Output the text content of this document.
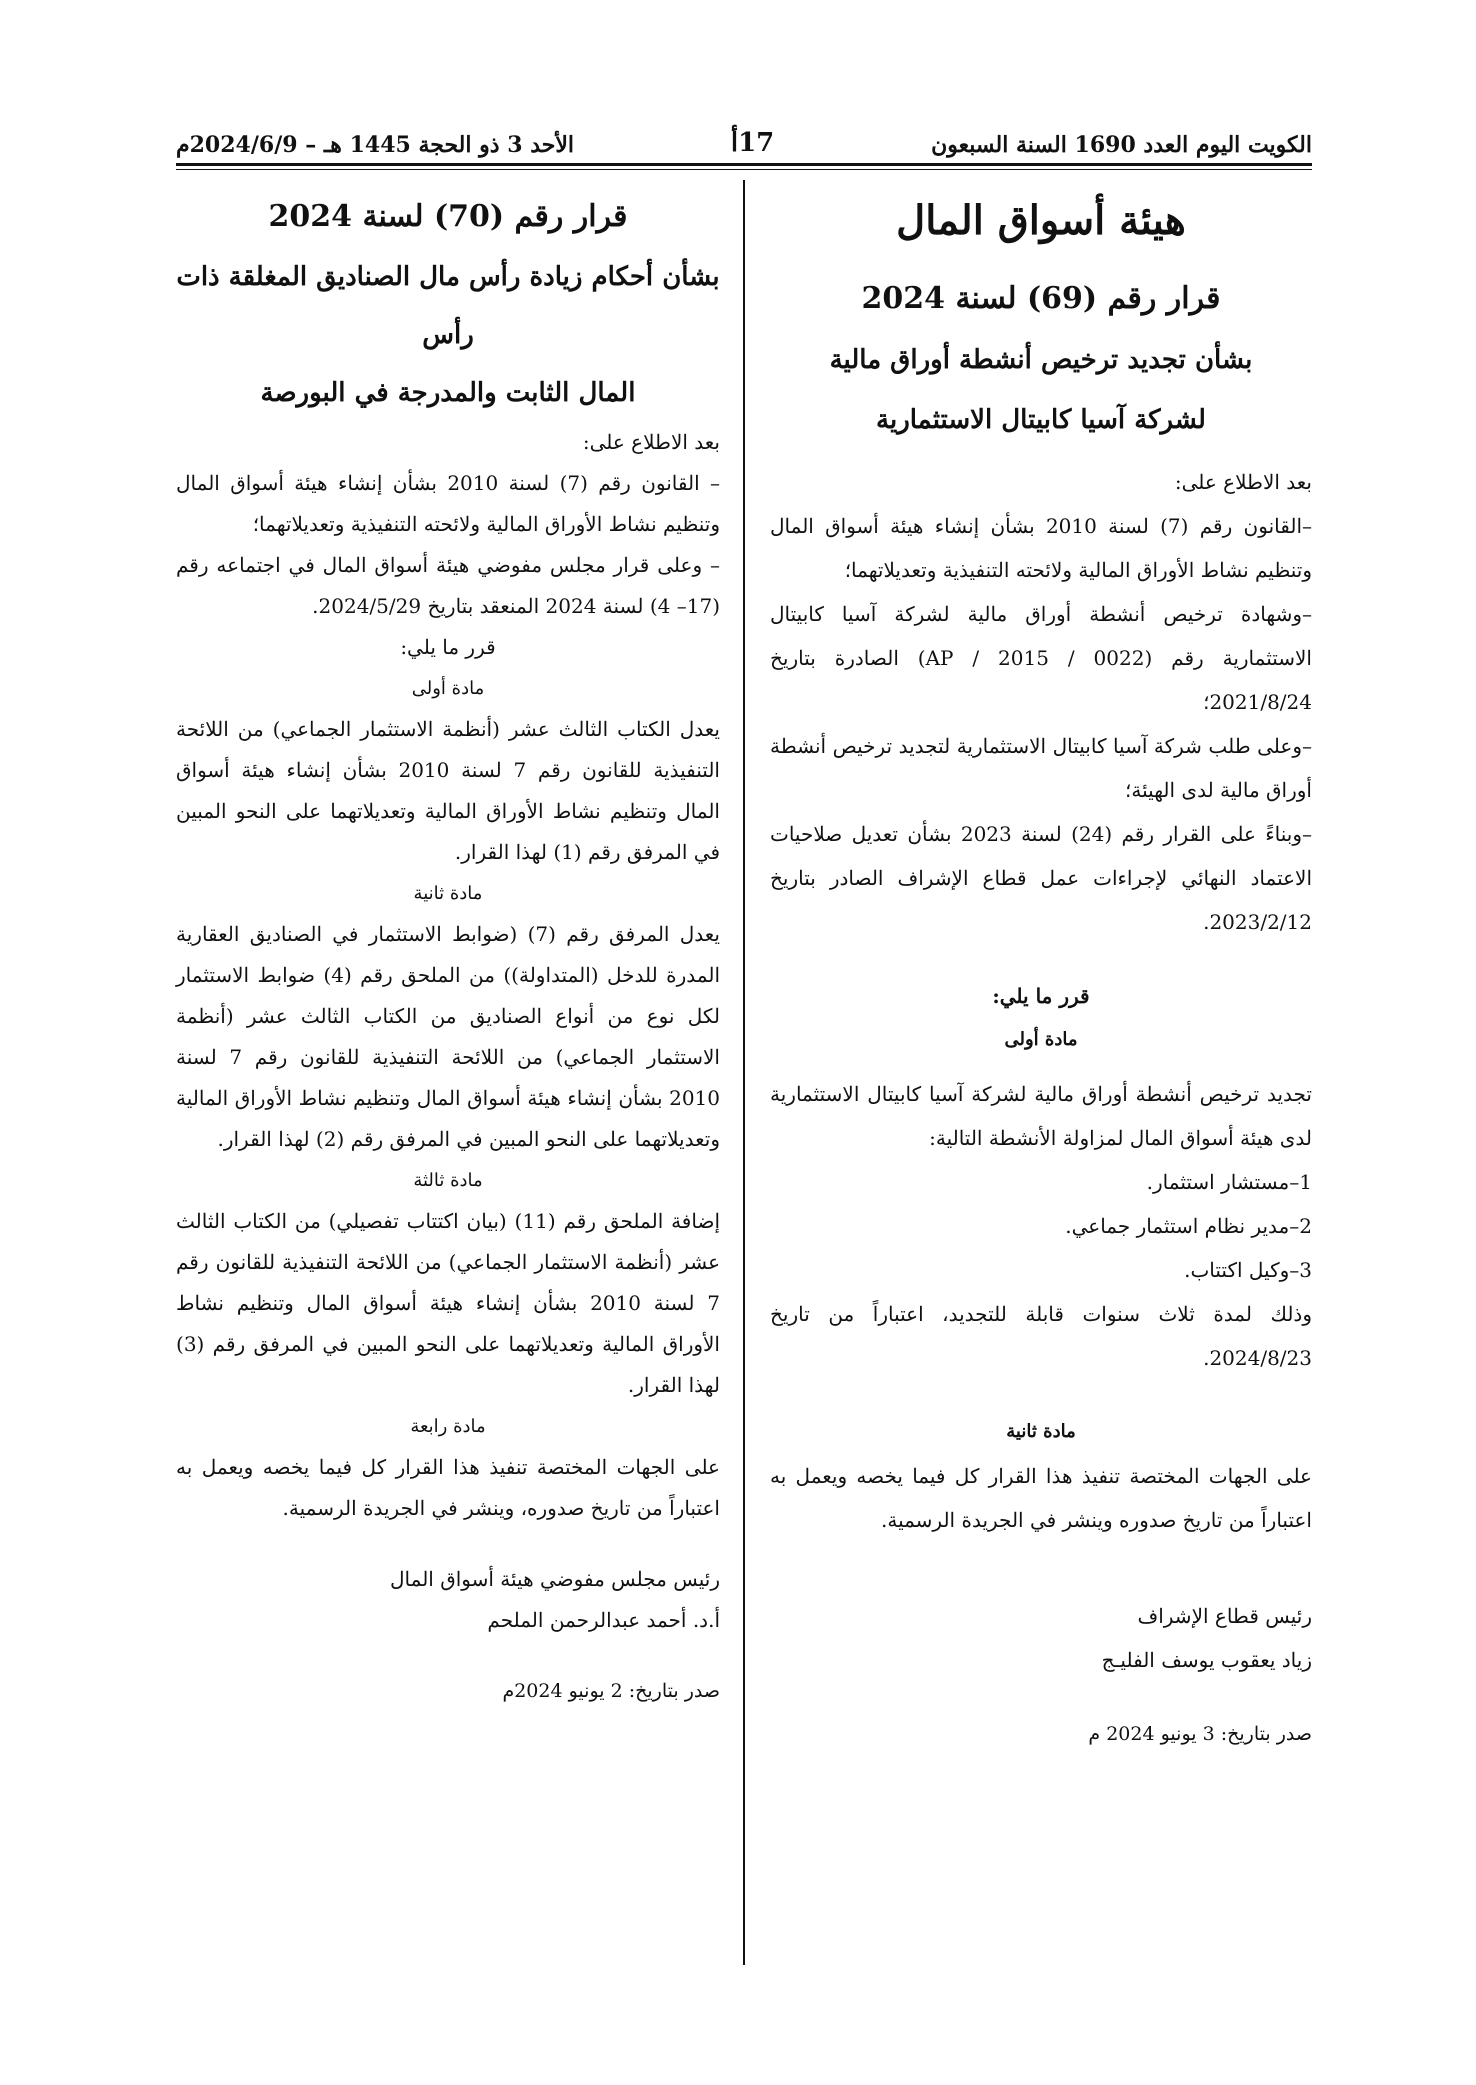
الكويت اليوم العدد 1690 السنة السبعون
17أ
الأحد 3 ذو الحجة 1445 هـ – 2024/6/9م
هيئة أسواق المال
قرار رقم (69) لسنة 2024
بشأن تجديد ترخيص أنشطة أوراق مالية
لشركة آسيا كابيتال الاستثمارية
بعد الاطلاع على:
–القانون رقم (7) لسنة 2010 بشأن إنشاء هيئة أسواق المال وتنظيم نشاط الأوراق المالية ولائحته التنفيذية وتعديلاتهما؛
–وشهادة ترخيص أنشطة أوراق مالية لشركة آسيا كابيتال الاستثمارية رقم (AP / 2015 / 0022) الصادرة بتاريخ 2021/8/24؛
–وعلى طلب شركة آسيا كابيتال الاستثمارية لتجديد ترخيص أنشطة أوراق مالية لدى الهيئة؛
–وبناءً على القرار رقم (24) لسنة 2023 بشأن تعديل صلاحيات الاعتماد النهائي لإجراءات عمل قطاع الإشراف الصادر بتاريخ 2023/2/12.
قرر ما يلي:
مادة أولى
تجديد ترخيص أنشطة أوراق مالية لشركة آسيا كابيتال الاستثمارية لدى هيئة أسواق المال لمزاولة الأنشطة التالية:
1–مستشار استثمار.
2–مدير نظام استثمار جماعي.
3–وكيل اكتتاب.
وذلك لمدة ثلاث سنوات قابلة للتجديد، اعتباراً من تاريخ 2024/8/23.
مادة ثانية
على الجهات المختصة تنفيذ هذا القرار كل فيما يخصه ويعمل به اعتباراً من تاريخ صدوره وينشر في الجريدة الرسمية.
رئيس قطاع الإشراف
زياد يعقوب يوسف الفليـج
صدر بتاريخ: 3 يونيو 2024 م
قرار رقم (70) لسنة 2024
بشأن أحكام زيادة رأس مال الصناديق المغلقة ذات رأس
المال الثابت والمدرجة في البورصة
بعد الاطلاع على:
– القانون رقم (7) لسنة 2010 بشأن إنشاء هيئة أسواق المال وتنظيم نشاط الأوراق المالية ولائحته التنفيذية وتعديلاتهما؛
– وعلى قرار مجلس مفوضي هيئة أسواق المال في اجتماعه رقم (17– 4) لسنة 2024 المنعقد بتاريخ 2024/5/29.
قرر ما يلي:
مادة أولى
يعدل الكتاب الثالث عشر (أنظمة الاستثمار الجماعي) من اللائحة التنفيذية للقانون رقم 7 لسنة 2010 بشأن إنشاء هيئة أسواق المال وتنظيم نشاط الأوراق المالية وتعديلاتهما على النحو المبين في المرفق رقم (1) لهذا القرار.
مادة ثانية
يعدل المرفق رقم (7) (ضوابط الاستثمار في الصناديق العقارية المدرة للدخل (المتداولة)) من الملحق رقم (4) ضوابط الاستثمار لكل نوع من أنواع الصناديق من الكتاب الثالث عشر (أنظمة الاستثمار الجماعي) من اللائحة التنفيذية للقانون رقم 7 لسنة 2010 بشأن إنشاء هيئة أسواق المال وتنظيم نشاط الأوراق المالية وتعديلاتهما على النحو المبين في المرفق رقم (2) لهذا القرار.
مادة ثالثة
إضافة الملحق رقم (11) (بيان اكتتاب تفصيلي) من الكتاب الثالث عشر (أنظمة الاستثمار الجماعي) من اللائحة التنفيذية للقانون رقم 7 لسنة 2010 بشأن إنشاء هيئة أسواق المال وتنظيم نشاط الأوراق المالية وتعديلاتهما على النحو المبين في المرفق رقم (3) لهذا القرار.
مادة رابعة
على الجهات المختصة تنفيذ هذا القرار كل فيما يخصه ويعمل به اعتباراً من تاريخ صدوره، وينشر في الجريدة الرسمية.
رئيس مجلس مفوضي هيئة أسواق المال
أ.د. أحمد عبدالرحمن الملحم
صدر بتاريخ: 2 يونيو 2024م
